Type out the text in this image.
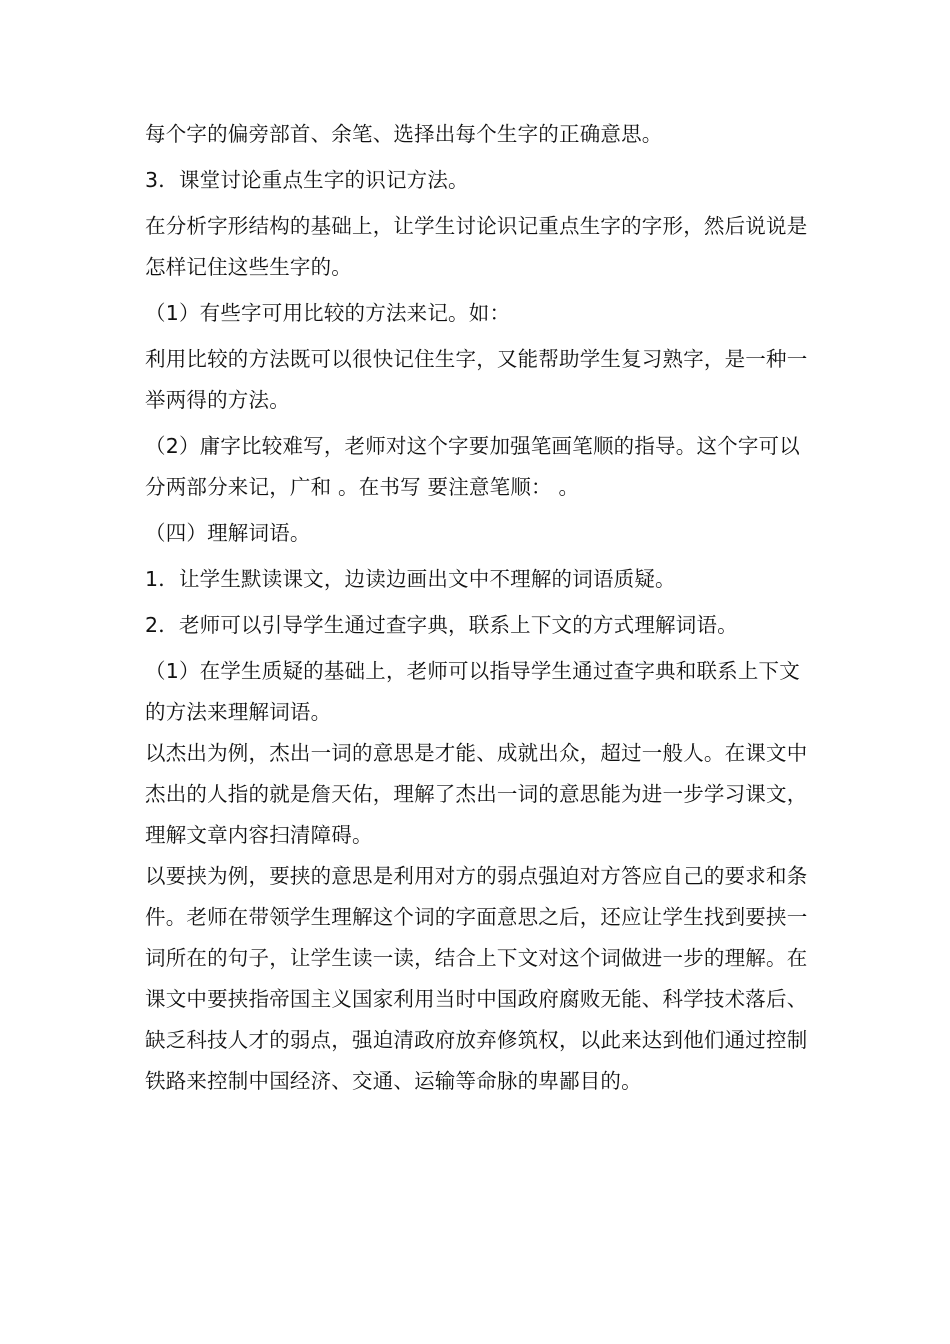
每个字的偏旁部首、余笔、选择出每个生字的正确意思。

3．课堂讨论重点生字的识记方法。

在分析字形结构的基础上，让学生讨论识记重点生字的字形，然后说说是怎样记住这些生字的。

（1）有些字可用比较的方法来记。如：

利用比较的方法既可以很快记住生字，又能帮助学生复习熟字，是一种一举两得的方法。

（2）庸字比较难写，老师对这个字要加强笔画笔顺的指导。这个字可以分两部分来记，广和 。在书写 要注意笔顺： 。

（四）理解词语。

1．让学生默读课文，边读边画出文中不理解的词语质疑。

2．老师可以引导学生通过查字典，联系上下文的方式理解词语。

（1）在学生质疑的基础上，老师可以指导学生通过查字典和联系上下文的方法来理解词语。

以杰出为例，杰出一词的意思是才能、成就出众，超过一般人。在课文中杰出的人指的就是詹天佑，理解了杰出一词的意思能为进一步学习课文，理解文章内容扫清障碍。

以要挟为例，要挟的意思是利用对方的弱点强迫对方答应自己的要求和条件。老师在带领学生理解这个词的字面意思之后，还应让学生找到要挟一词所在的句子，让学生读一读，结合上下文对这个词做进一步的理解。在课文中要挟指帝国主义国家利用当时中国政府腐败无能、科学技术落后、缺乏科技人才的弱点，强迫清政府放弃修筑权，以此来达到他们通过控制铁路来控制中国经济、交通、运输等命脉的卑鄙目的。
